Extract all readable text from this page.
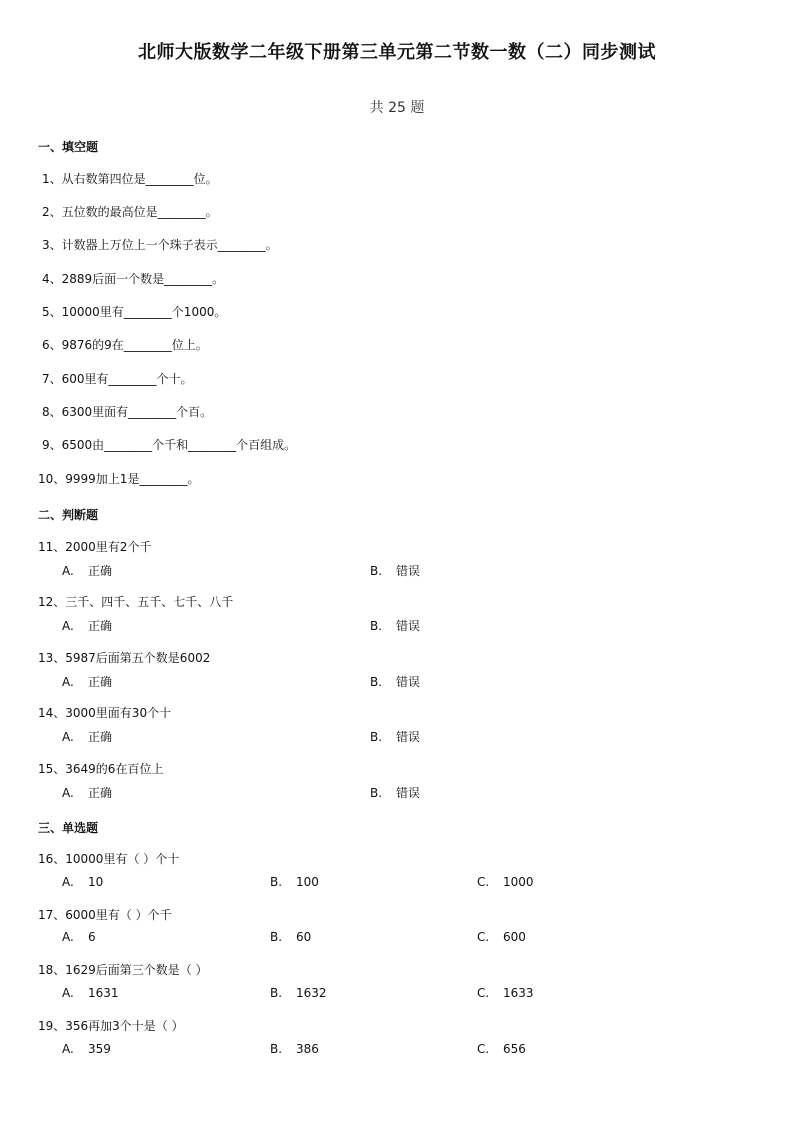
北师大版数学二年级下册第三单元第二节数一数（二）同步测试
共 25 题
一、填空题
1、从右数第四位是________位。
2、五位数的最高位是________。
3、计数器上万位上一个珠子表示________。
4、2889后面一个数是________。
5、10000里有________个1000。
6、9876的9在________位上。
7、600里有________个十。
8、6300里面有________个百。
9、6500由________个千和________个百组成。
10、9999加上1是________。
二、判断题
11、2000里有2个千
A. 正确	B. 错误
12、三千、四千、五千、七千、八千
A. 正确	B. 错误
13、5987后面第五个数是6002
A. 正确	B. 错误
14、3000里面有30个十
A. 正确	B. 错误
15、3649的6在百位上
A. 正确	B. 错误
三、单选题
16、10000里有（ ）个十
A. 10	B. 100	C. 1000
17、6000里有（ ）个千
A. 6	B. 60	C. 600
18、1629后面第三个数是（ ）
A. 1631	B. 1632	C. 1633
19、356再加3个十是（ ）
A. 359	B. 386	C. 656
